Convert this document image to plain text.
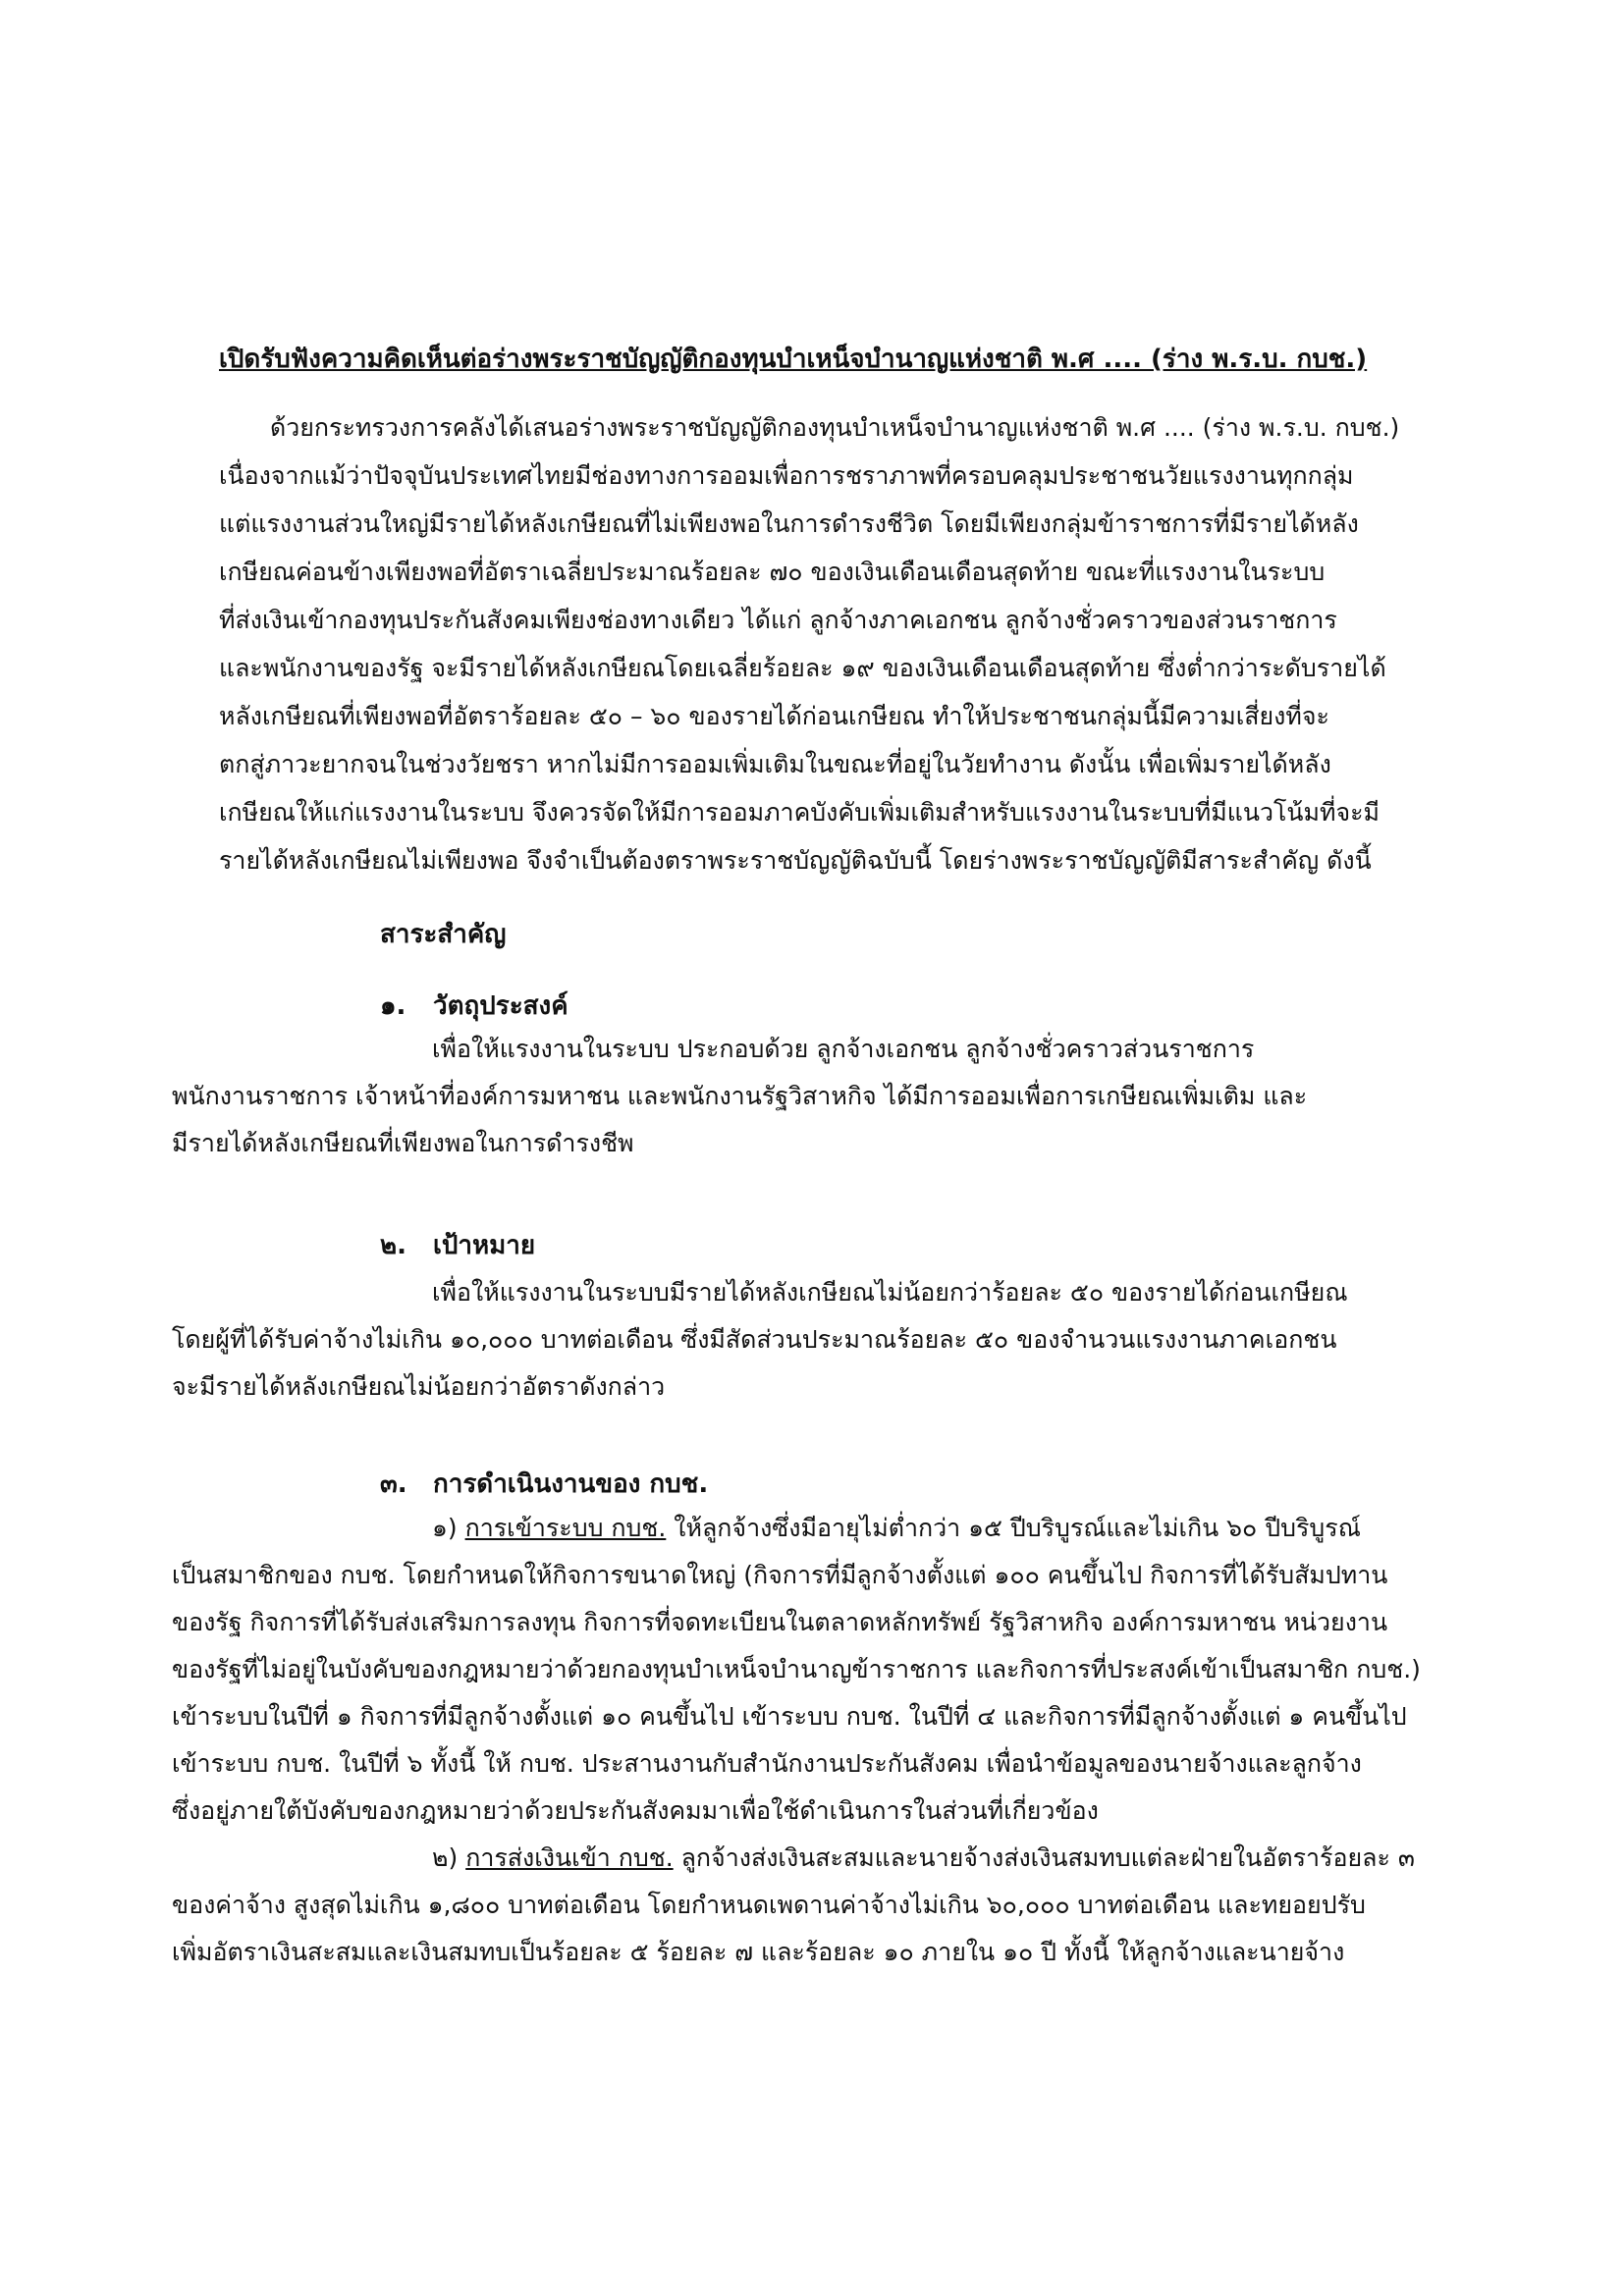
เปิดรับฟังความคิดเห็นต่อร่างพระราชบัญญัติกองทุนบำเหน็จบำนาญแห่งชาติ พ.ศ .... (ร่าง พ.ร.บ. กบช.)
ด้วยกระทรวงการคลังได้เสนอร่างพระราชบัญญัติกองทุนบำเหน็จบำนาญแห่งชาติ พ.ศ .... (ร่าง พ.ร.บ. กบช.)
เนื่องจากแม้ว่าปัจจุบันประเทศไทยมีช่องทางการออมเพื่อการชราภาพที่ครอบคลุมประชาชนวัยแรงงานทุกกลุ่ม
แต่แรงงานส่วนใหญ่มีรายได้หลังเกษียณที่ไม่เพียงพอในการดำรงชีวิต โดยมีเพียงกลุ่มข้าราชการที่มีรายได้หลัง
เกษียณค่อนข้างเพียงพอที่อัตราเฉลี่ยประมาณร้อยละ ๗๐ ของเงินเดือนเดือนสุดท้าย ขณะที่แรงงานในระบบ
ที่ส่งเงินเข้ากองทุนประกันสังคมเพียงช่องทางเดียว ได้แก่ ลูกจ้างภาคเอกชน ลูกจ้างชั่วคราวของส่วนราชการ
และพนักงานของรัฐ จะมีรายได้หลังเกษียณโดยเฉลี่ยร้อยละ ๑๙ ของเงินเดือนเดือนสุดท้าย ซึ่งต่ำกว่าระดับรายได้
หลังเกษียณที่เพียงพอที่อัตราร้อยละ ๕๐ – ๖๐ ของรายได้ก่อนเกษียณ ทำให้ประชาชนกลุ่มนี้มีความเสี่ยงที่จะ
ตกสู่ภาวะยากจนในช่วงวัยชรา หากไม่มีการออมเพิ่มเติมในขณะที่อยู่ในวัยทำงาน ดังนั้น เพื่อเพิ่มรายได้หลัง
เกษียณให้แก่แรงงานในระบบ จึงควรจัดให้มีการออมภาคบังคับเพิ่มเติมสำหรับแรงงานในระบบที่มีแนวโน้มที่จะมี
รายได้หลังเกษียณไม่เพียงพอ จึงจำเป็นต้องตราพระราชบัญญัติฉบับนี้ โดยร่างพระราชบัญญัติมีสาระสำคัญ ดังนี้
สาระสำคัญ
๑. วัตถุประสงค์
เพื่อให้แรงงานในระบบ ประกอบด้วย ลูกจ้างเอกชน ลูกจ้างชั่วคราวส่วนราชการ
พนักงานราชการ เจ้าหน้าที่องค์การมหาชน และพนักงานรัฐวิสาหกิจ ได้มีการออมเพื่อการเกษียณเพิ่มเติม และ
มีรายได้หลังเกษียณที่เพียงพอในการดำรงชีพ
๒. เป้าหมาย
เพื่อให้แรงงานในระบบมีรายได้หลังเกษียณไม่น้อยกว่าร้อยละ ๕๐ ของรายได้ก่อนเกษียณ
โดยผู้ที่ได้รับค่าจ้างไม่เกิน ๑๐,๐๐๐ บาทต่อเดือน ซึ่งมีสัดส่วนประมาณร้อยละ ๕๐ ของจำนวนแรงงานภาคเอกชน
จะมีรายได้หลังเกษียณไม่น้อยกว่าอัตราดังกล่าว
๓. การดำเนินงานของ กบช.
๑) การเข้าระบบ กบช. ให้ลูกจ้างซึ่งมีอายุไม่ต่ำกว่า ๑๕ ปีบริบูรณ์และไม่เกิน ๖๐ ปีบริบูรณ์
เป็นสมาชิกของ กบช. โดยกำหนดให้กิจการขนาดใหญ่ (กิจการที่มีลูกจ้างตั้งแต่ ๑๐๐ คนขึ้นไป กิจการที่ได้รับสัมปทาน
ของรัฐ กิจการที่ได้รับส่งเสริมการลงทุน กิจการที่จดทะเบียนในตลาดหลักทรัพย์ รัฐวิสาหกิจ องค์การมหาชน หน่วยงาน
ของรัฐที่ไม่อยู่ในบังคับของกฎหมายว่าด้วยกองทุนบำเหน็จบำนาญข้าราชการ และกิจการที่ประสงค์เข้าเป็นสมาชิก กบช.)
เข้าระบบในปีที่ ๑ กิจการที่มีลูกจ้างตั้งแต่ ๑๐ คนขึ้นไป เข้าระบบ กบช. ในปีที่ ๔ และกิจการที่มีลูกจ้างตั้งแต่ ๑ คนขึ้นไป
เข้าระบบ กบช. ในปีที่ ๖ ทั้งนี้ ให้ กบช. ประสานงานกับสำนักงานประกันสังคม เพื่อนำข้อมูลของนายจ้างและลูกจ้าง
ซึ่งอยู่ภายใต้บังคับของกฎหมายว่าด้วยประกันสังคมมาเพื่อใช้ดำเนินการในส่วนที่เกี่ยวข้อง
๒) การส่งเงินเข้า กบช. ลูกจ้างส่งเงินสะสมและนายจ้างส่งเงินสมทบแต่ละฝ่ายในอัตราร้อยละ ๓
ของค่าจ้าง สูงสุดไม่เกิน ๑,๘๐๐ บาทต่อเดือน โดยกำหนดเพดานค่าจ้างไม่เกิน ๖๐,๐๐๐ บาทต่อเดือน และทยอยปรับ
เพิ่มอัตราเงินสะสมและเงินสมทบเป็นร้อยละ ๕ ร้อยละ ๗ และร้อยละ ๑๐ ภายใน ๑๐ ปี ทั้งนี้ ให้ลูกจ้างและนายจ้าง
